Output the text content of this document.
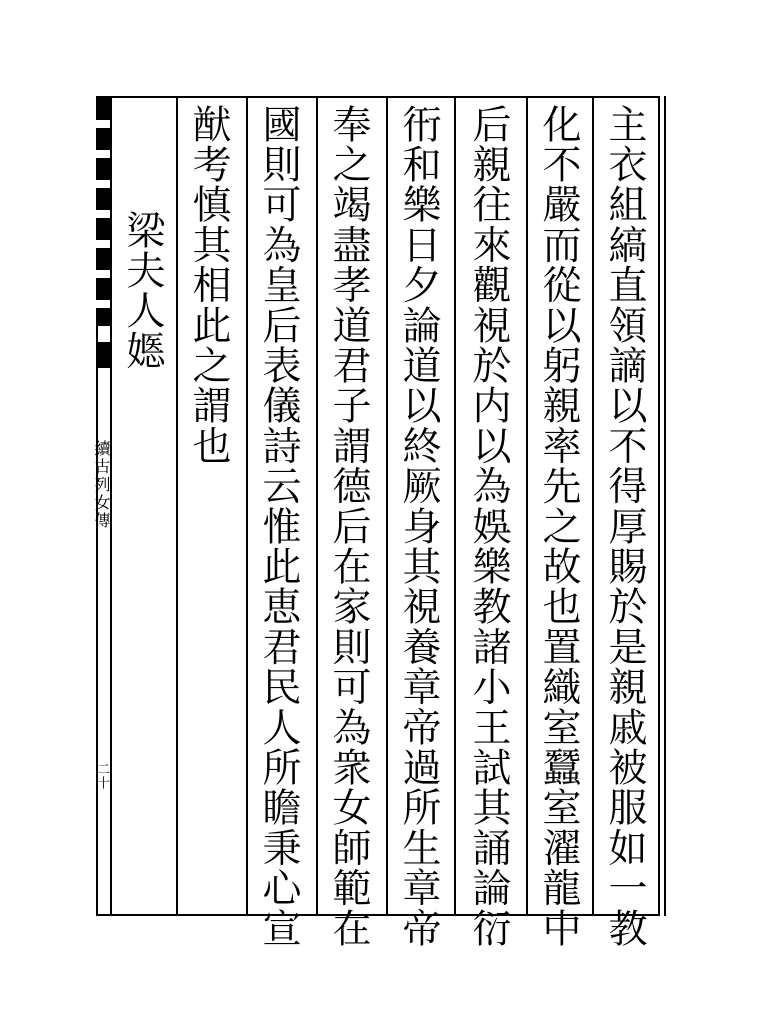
續古列女傳
二十	主衣組縞直領謫以不得厚賜於是親戚被服如一教
化不嚴而從以躬親率先之故也置織室蠶室濯龍中
后親往來觀視於内以為娛樂教諸小王試其誦論衍
衎和樂日夕論道以終厥身其視養章帝過所生章帝
奉之竭盡孝道君子謂德后在家則可為衆女師範在
國則可為皇后表儀詩云惟此恵君民人所瞻秉心宣
猷考慎其相此之謂也
梁夫人嫕
